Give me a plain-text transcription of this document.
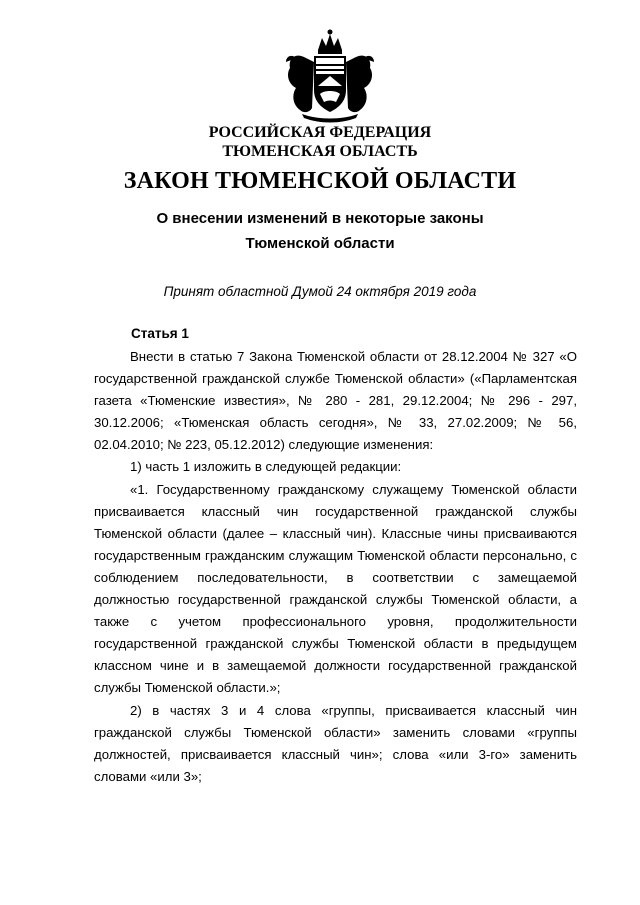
РОССИЙСКАЯ ФЕДЕРАЦИЯ
ТЮМЕНСКАЯ ОБЛАСТЬ
ЗАКОН ТЮМЕНСКОЙ ОБЛАСТИ
О внесении изменений в некоторые законы
Тюменской области
Принят областной Думой 24 октября 2019 года
Статья 1

Внести в статью 7 Закона Тюменской области от 28.12.2004 № 327 «О государственной гражданской службе Тюменской области» («Парламентская газета «Тюменские известия», № 280 - 281, 29.12.2004; № 296 - 297, 30.12.2006; «Тюменская область сегодня», № 33, 27.02.2009; № 56, 02.04.2010; № 223, 05.12.2012) следующие изменения:

1) часть 1 изложить в следующей редакции:

«1. Государственному гражданскому служащему Тюменской области присваивается классный чин государственной гражданской службы Тюменской области (далее – классный чин). Классные чины присваиваются государственным гражданским служащим Тюменской области персонально, с соблюдением последовательности, в соответствии с замещаемой должностью государственной гражданской службы Тюменской области, а также с учетом профессионального уровня, продолжительности государственной гражданской службы Тюменской области в предыдущем классном чине и в замещаемой должности государственной гражданской службы Тюменской области.»;

2) в частях 3 и 4 слова «группы, присваивается классный чин гражданской службы Тюменской области» заменить словами «группы должностей, присваивается классный чин»; слова «или 3-го» заменить словами «или 3»;
